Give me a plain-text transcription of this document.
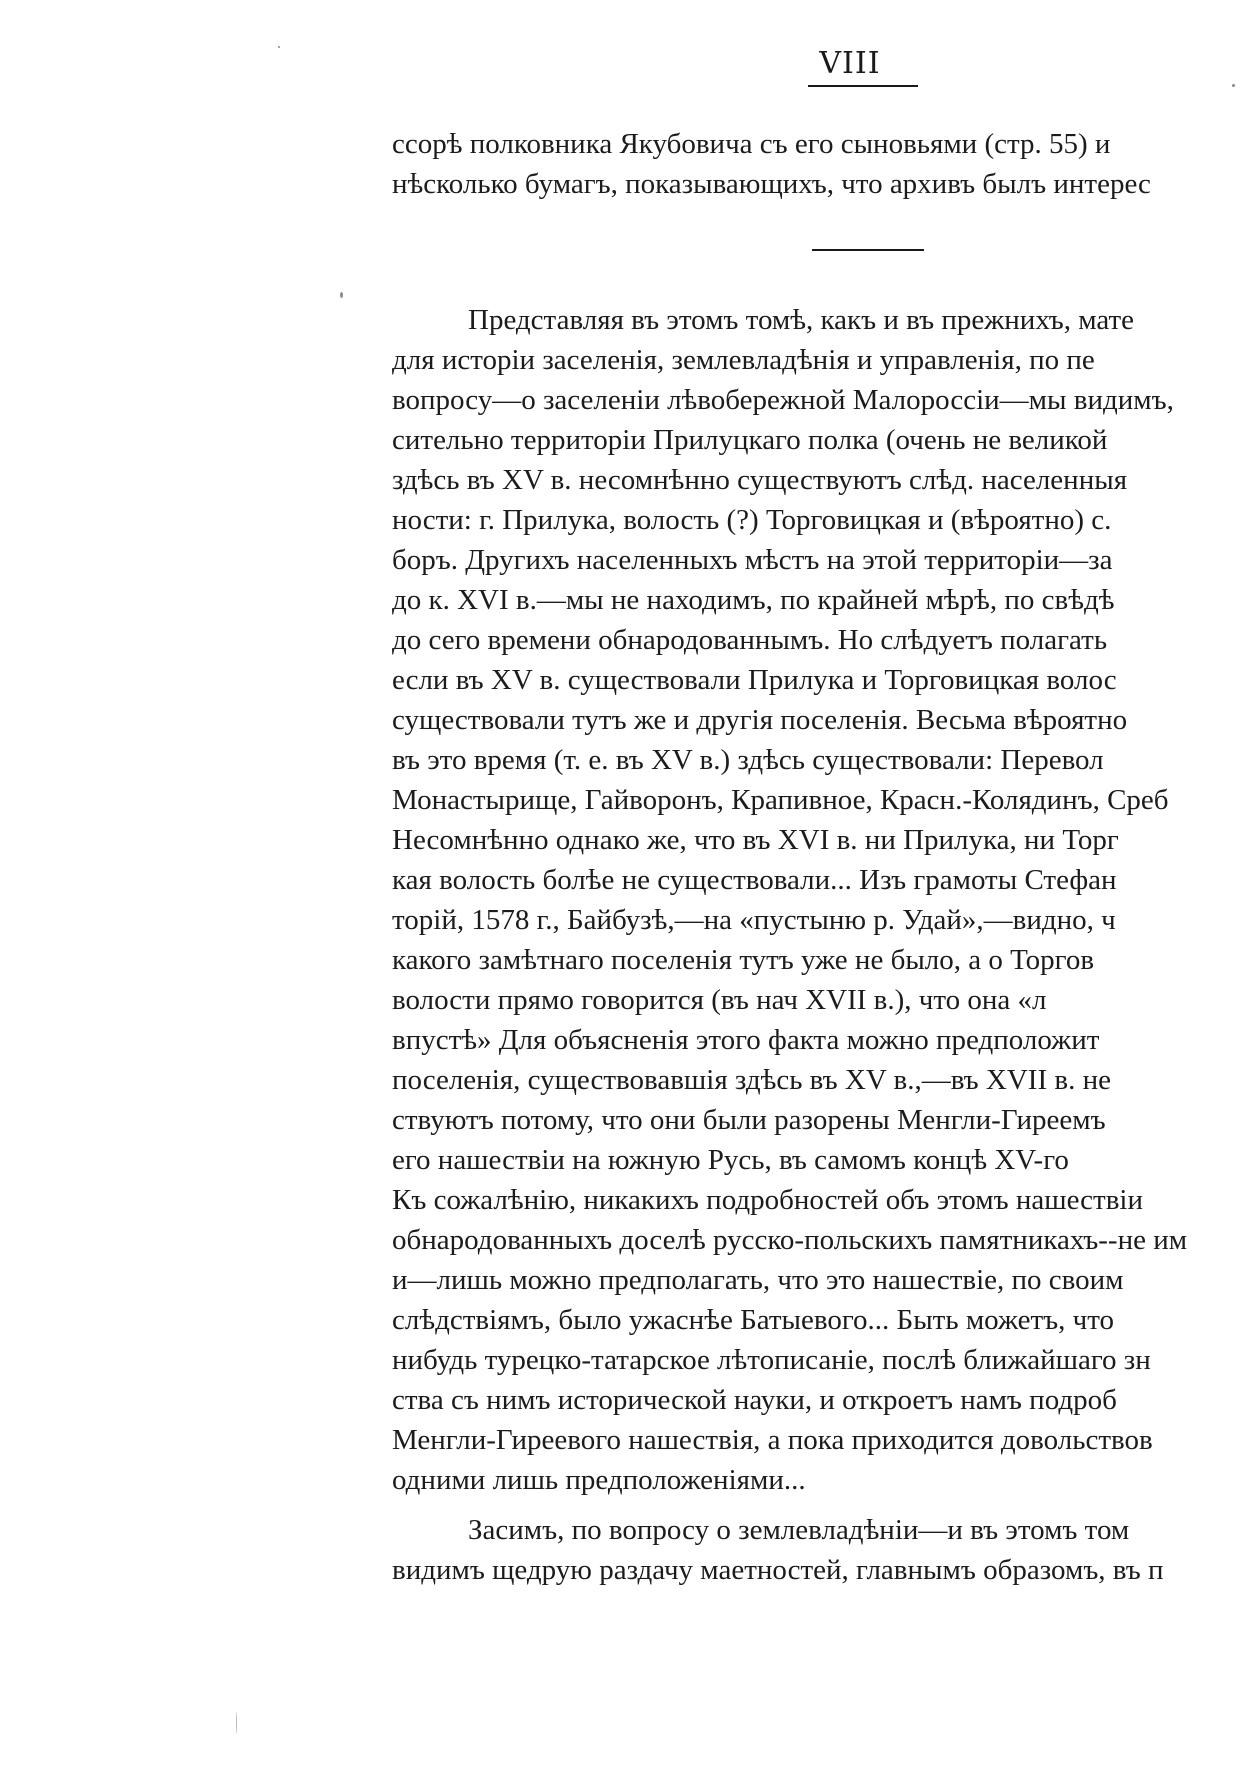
VIII
ссорѣ полковника Якубовича съ его сыновьями (стр. 55) и
нѣсколько бумагъ, показывающихъ, что архивъ былъ интерес
Представляя въ этомъ томѣ, какъ и въ прежнихъ, мате
для исторіи заселенія, землевладѣнія и управленія, по пе
вопросу—о заселеніи лѣвобережной Малороссіи—мы видимъ,
сительно территоріи Прилуцкаго полка (очень не великой
здѣсь въ XV в. несомнѣнно существуютъ слѣд. населенныя
ности: г. Прилука, волость (?) Торговицкая и (вѣроятно) с.
боръ. Другихъ населенныхъ мѣстъ на этой территоріи—за
до к. XVI в.—мы не находимъ, по крайней мѣрѣ, по свѣдѣ
до сего времени обнародованнымъ. Но слѣдуетъ полагать
если въ XV в. существовали Прилука и Торговицкая волос
существовали тутъ же и другія поселенія. Весьма вѣроятно
въ это время (т. е. въ XV в.) здѣсь существовали: Перевол
Монастырище, Гайворонъ, Крапивное, Красн.-Колядинъ, Среб
Несомнѣнно однако же, что въ XVI в. ни Прилука, ни Торг
кая волость болѣе не существовали... Изъ грамоты Стефан
торій, 1578 г., Байбузѣ,—на «пустыню р. Удай»,—видно, ч
какого замѣтнаго поселенія тутъ уже не было, а о Торгов
волости прямо говорится (въ нач XVII в.), что она «л
впустѣ» Для объясненія этого факта можно предположит
поселенія, существовавшія здѣсь въ XV в.,—въ XVII в. не
ствуютъ потому, что они были разорены Менгли-Гиреемъ
его нашествіи на южную Русь, въ самомъ концѣ XV-го
Къ сожалѣнію, никакихъ подробностей объ этомъ нашествіи
обнародованныхъ доселѣ русско-польскихъ памятникахъ--не им
и—лишь можно предполагать, что это нашествіе, по своим
слѣдствіямъ, было ужаснѣе Батыевого... Быть можетъ, что
нибудь турецко-татарское лѣтописаніе, послѣ ближайшаго зн
ства съ нимъ исторической науки, и откроетъ намъ подроб
Менгли-Гиреевого нашествія, а пока приходится довольствов
одними лишь предположеніями...
Засимъ, по вопросу о землевладѣніи—и въ этомъ том
видимъ щедрую раздачу маетностей, главнымъ образомъ, въ п
